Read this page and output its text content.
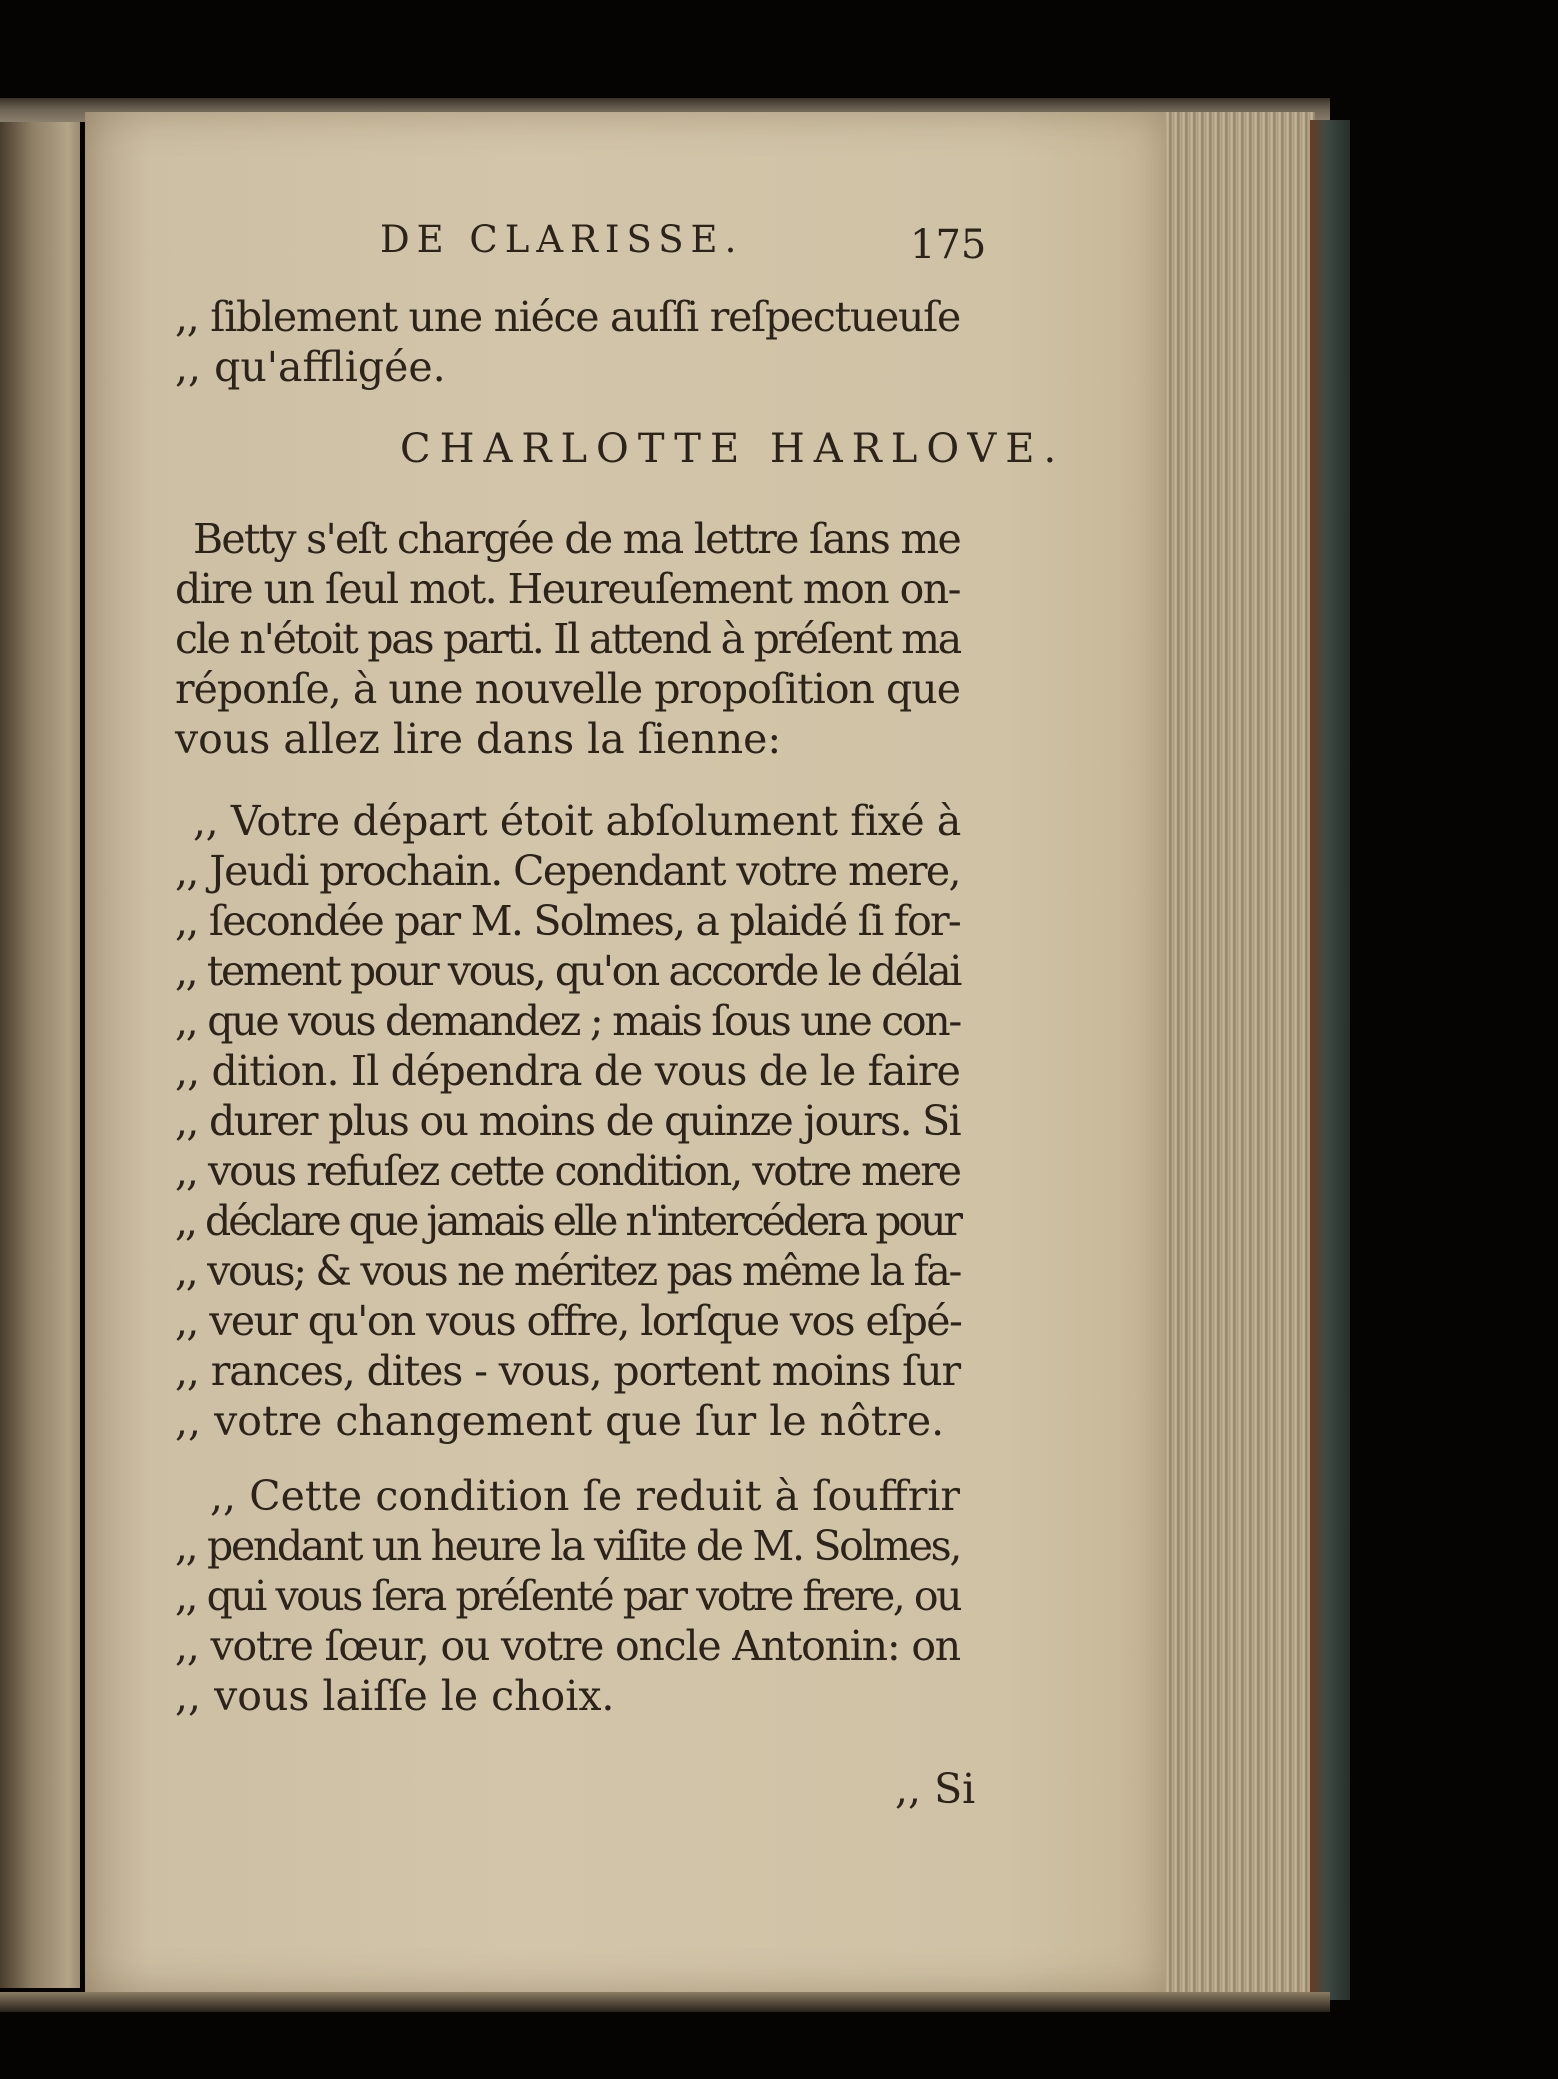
DE CLARISSE.	175
,, ſiblement une niéce auſſi reſpectueuſe
,, qu'affligée.
CHARLOTTE HARLOVE.
Betty s'eſt chargée de ma lettre ſans me
dire un ſeul mot. Heureuſement mon on-
cle n'étoit pas parti. Il attend à préſent ma
réponſe, à une nouvelle propoſition que
vous allez lire dans la ſienne:
,, Votre départ étoit abſolument fixé à
,, Jeudi prochain. Cependant votre mere,
,, ſecondée par M. Solmes, a plaidé ſi for-
,, tement pour vous, qu'on accorde le délai
,, que vous demandez ; mais ſous une con-
,, dition. Il dépendra de vous de le faire
,, durer plus ou moins de quinze jours. Si
,, vous refuſez cette condition, votre mere
,, déclare que jamais elle n'intercédera pour
,, vous; & vous ne méritez pas même la fa-
,, veur qu'on vous offre, lorſque vos eſpé-
,, rances, dites - vous, portent moins ſur
,, votre changement que ſur le nôtre.
,, Cette condition ſe reduit à ſouffrir
,, pendant un heure la viſite de M. Solmes,
,, qui vous ſera préſenté par votre frere, ou
,, votre ſœur, ou votre oncle Antonin: on
,, vous laiſſe le choix.
,, Si
